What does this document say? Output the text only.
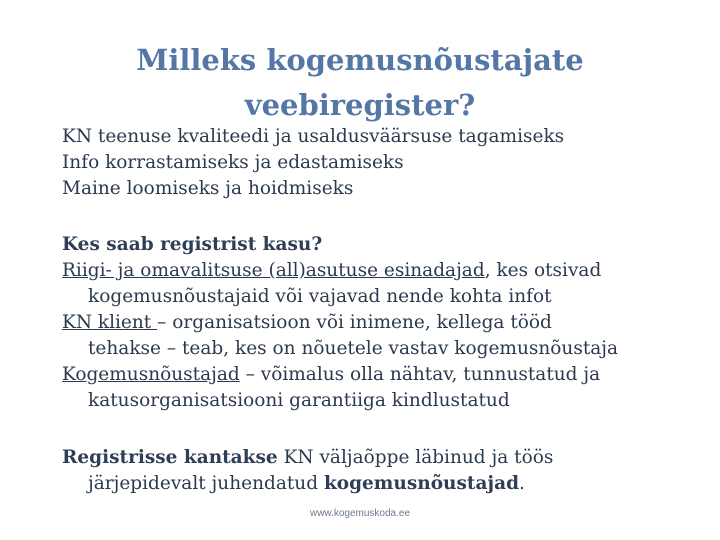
Milleks kogemusnõustajate
veebiregister?
KN teenuse kvaliteedi ja usaldusväärsuse tagamiseks
Info korrastamiseks ja edastamiseks
Maine loomiseks ja hoidmiseks
Kes saab registrist kasu?
Riigi- ja omavalitsuse (all)asutuse esinadajad, kes otsivad
kogemusnõustajaid või vajavad nende kohta infot
KN klient – organisatsioon või inimene, kellega tööd
tehakse – teab, kes on nõuetele vastav kogemusnõustaja
Kogemusnõustajad – võimalus olla nähtav, tunnustatud ja
katusorganisatsiooni garantiiga kindlustatud
Registrisse kantakse KN väljaõppe läbinud ja töös
järjepidevalt juhendatud kogemusnõustajad.
www.kogemuskoda.ee
